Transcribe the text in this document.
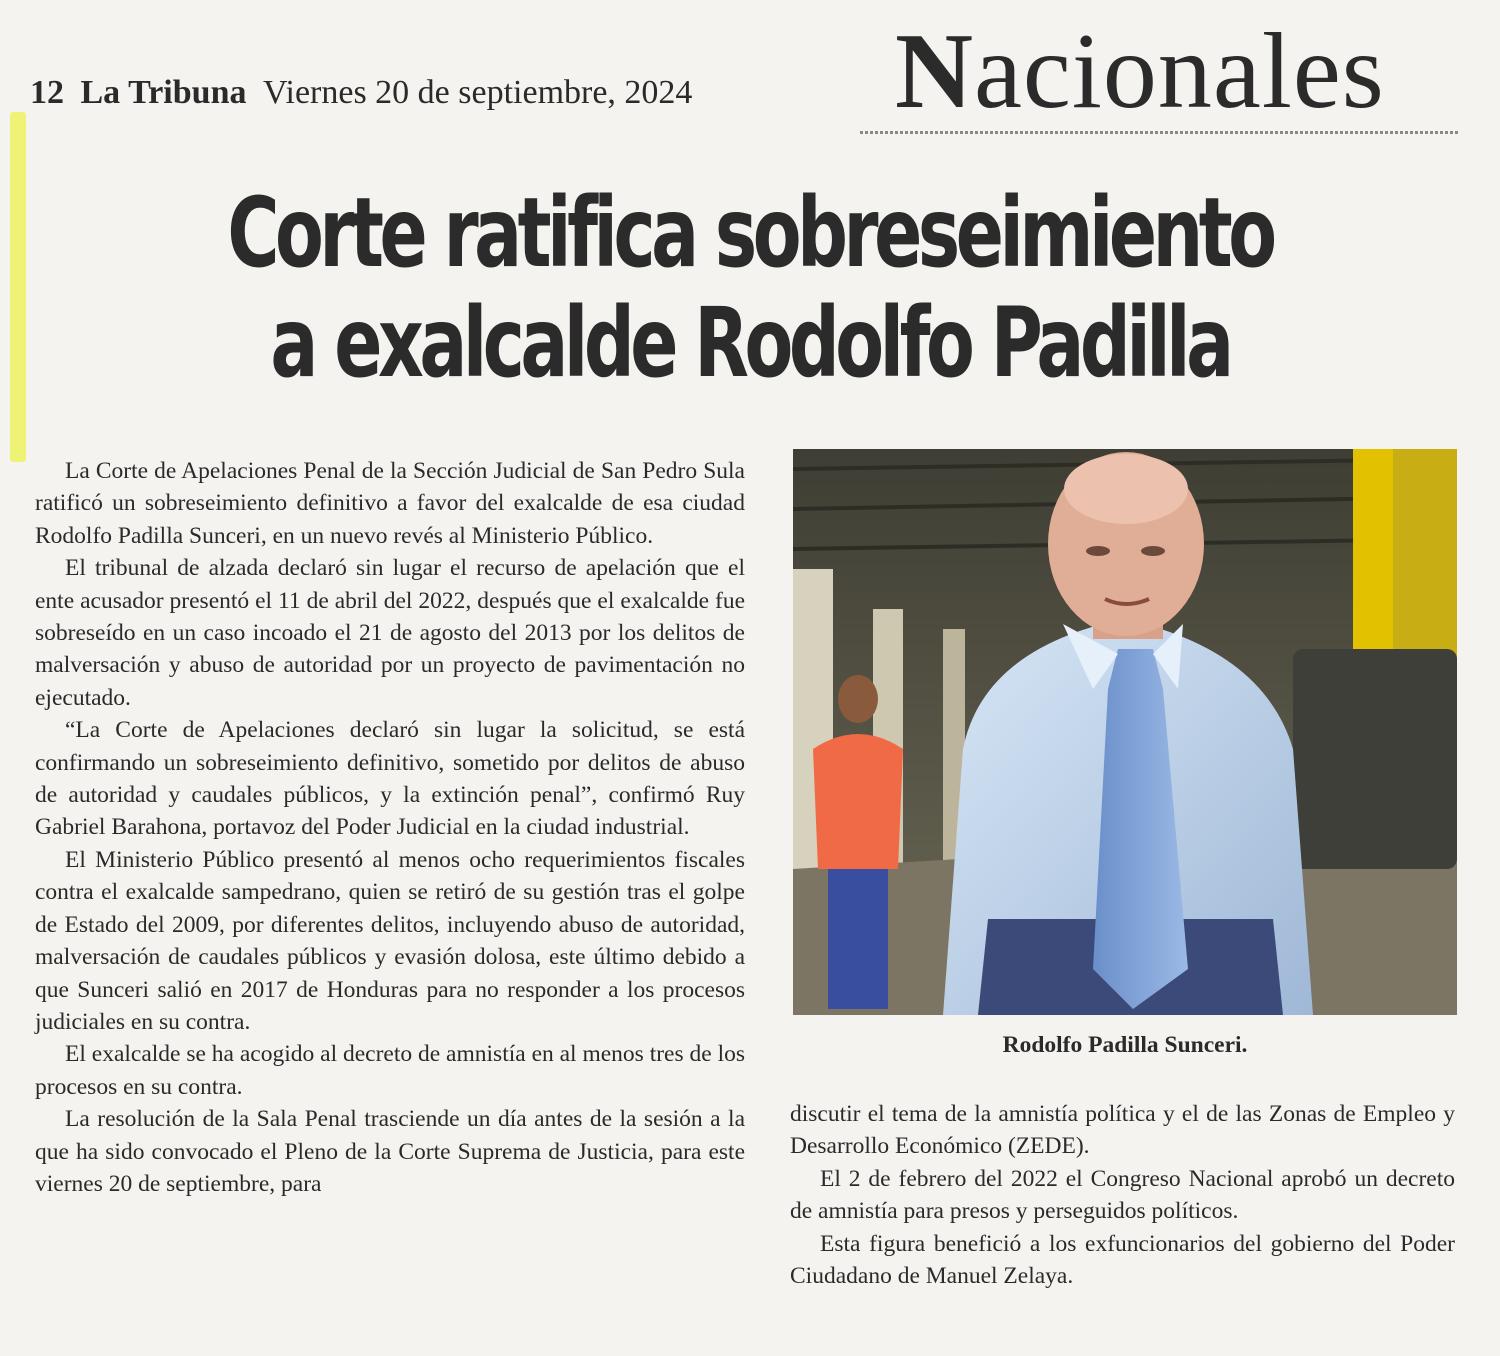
12 La Tribuna Viernes 20 de septiembre, 2024 Nacionales
Corte ratifica sobreseimiento
a exalcalde Rodolfo Padilla

La Corte de Apelaciones Penal de la Sección Judicial de San Pedro Sula ratificó un sobreseimiento definitivo a favor del exalcalde de esa ciudad Rodolfo Padilla Sunceri, en un nuevo revés al Ministerio Público.

El tribunal de alzada declaró sin lugar el recurso de apelación que el ente acusador presentó el 11 de abril del 2022, después que el exalcalde fue sobreseído en un caso incoado el 21 de agosto del 2013 por los delitos de malversación y abuso de autoridad por un proyecto de pavimentación no ejecutado.

“La Corte de Apelaciones declaró sin lugar la solicitud, se está confirmando un sobreseimiento definitivo, sometido por delitos de abuso de autoridad y caudales públicos, y la extinción penal”, confirmó Ruy Gabriel Barahona, portavoz del Poder Judicial en la ciudad industrial.

El Ministerio Público presentó al menos ocho requerimientos fiscales contra el exalcalde sampedrano, quien se retiró de su gestión tras el golpe de Estado del 2009, por diferentes delitos, incluyendo abuso de autoridad, malversación de caudales públicos y evasión dolosa, este último debido a que Sunceri salió en 2017 de Honduras para no responder a los procesos judiciales en su contra.

El exalcalde se ha acogido al decreto de amnistía en al menos tres de los procesos en su contra.

La resolución de la Sala Penal trasciende un día antes de la sesión a la que ha sido convocado el Pleno de la Corte Suprema de Justicia, para este viernes 20 de septiembre, para

Rodolfo Padilla Sunceri.

discutir el tema de la amnistía política y el de las Zonas de Empleo y Desarrollo Económico (ZEDE).

El 2 de febrero del 2022 el Congreso Nacional aprobó un decreto de amnistía para presos y perseguidos políticos.

Esta figura benefició a los exfuncionarios del gobierno del Poder Ciudadano de Manuel Zelaya.
